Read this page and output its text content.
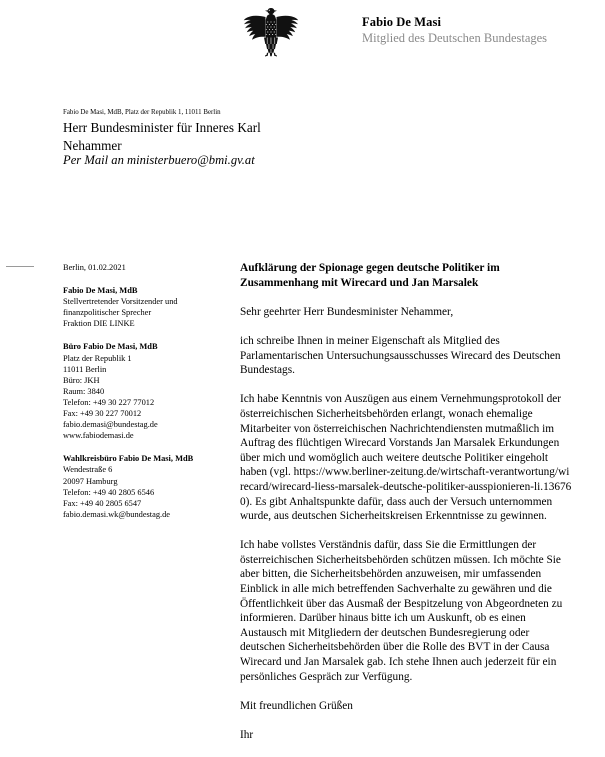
Fabio De Masi
Mitglied des Deutschen Bundestages
Fabio De Masi, MdB, Platz der Republik 1, 11011 Berlin
Herr Bundesminister für Inneres Karl
Nehammer
Per Mail an ministerbuero@bmi.gv.at
Berlin, 01.02.2021
Fabio De Masi, MdB
Stellvertretender Vorsitzender und
finanzpolitischer Sprecher
Fraktion DIE LINKE
Büro Fabio De Masi, MdB
Platz der Republik 1
11011 Berlin
Büro: JKH
Raum: 3840
Telefon: +49 30 227 77012
Fax: +49 30 227 70012
fabio.demasi@bundestag.de
www.fabiodemasi.de
Wahlkreisbüro Fabio De Masi, MdB
Wendestraße 6
20097 Hamburg
Telefon: +49 40 2805 6546
Fax: +49 40 2805 6547
fabio.demasi.wk@bundestag.de
Aufklärung der Spionage gegen deutsche Politiker im
Zusammenhang mit Wirecard und Jan Marsalek

Sehr geehrter Herr Bundesminister Nehammer,

ich schreibe Ihnen in meiner Eigenschaft als Mitglied des Parlamentarischen Untersuchungsausschusses Wirecard des Deutschen Bundestags.

Ich habe Kenntnis von Auszügen aus einem Vernehmungsprotokoll der österreichischen Sicherheitsbehörden erlangt, wonach ehemalige Mitarbeiter von österreichischen Nachrichtendiensten mutmaßlich im Auftrag des flüchtigen Wirecard Vorstands Jan Marsalek Erkundungen über mich und womöglich auch weitere deutsche Politiker eingeholt haben (vgl. https://www.berliner-zeitung.de/wirtschaft-verantwortung/wirecard/wirecard-liess-marsalek-deutsche-politiker-ausspionieren-li.136760). Es gibt Anhaltspunkte dafür, dass auch der Versuch unternommen wurde, aus deutschen Sicherheitskreisen Erkenntnisse zu gewinnen.

Ich habe vollstes Verständnis dafür, dass Sie die Ermittlungen der österreichischen Sicherheitsbehörden schützen müssen. Ich möchte Sie aber bitten, die Sicherheitsbehörden anzuweisen, mir umfassenden Einblick in alle mich betreffenden Sachverhalte zu gewähren und die Öffentlichkeit über das Ausmaß der Bespitzelung von Abgeordneten zu informieren. Darüber hinaus bitte ich um Auskunft, ob es einen Austausch mit Mitgliedern der deutschen Bundesregierung oder deutschen Sicherheitsbehörden über die Rolle des BVT in der Causa Wirecard und Jan Marsalek gab. Ich stehe Ihnen auch jederzeit für ein persönliches Gespräch zur Verfügung.

Mit freundlichen Grüßen

Ihr
